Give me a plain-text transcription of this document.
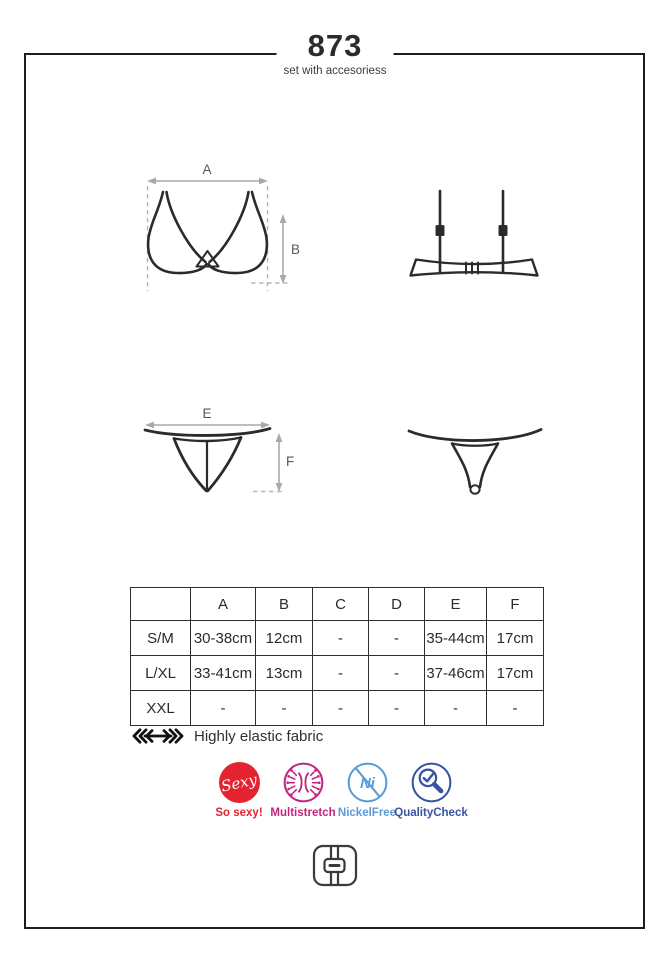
873
set with accesoriess
A
B
E
F
	A	B	C	D	E	F
S/M	30-38cm	12cm	-	-	35-44cm	17cm
L/XL	33-41cm	13cm	-	-	37-46cm	17cm
XXL	-	-	-	-	-	-
Highly elastic fabric
Sexy
So sexy! Multistretch
Ni
NickelFree
QualityCheck
